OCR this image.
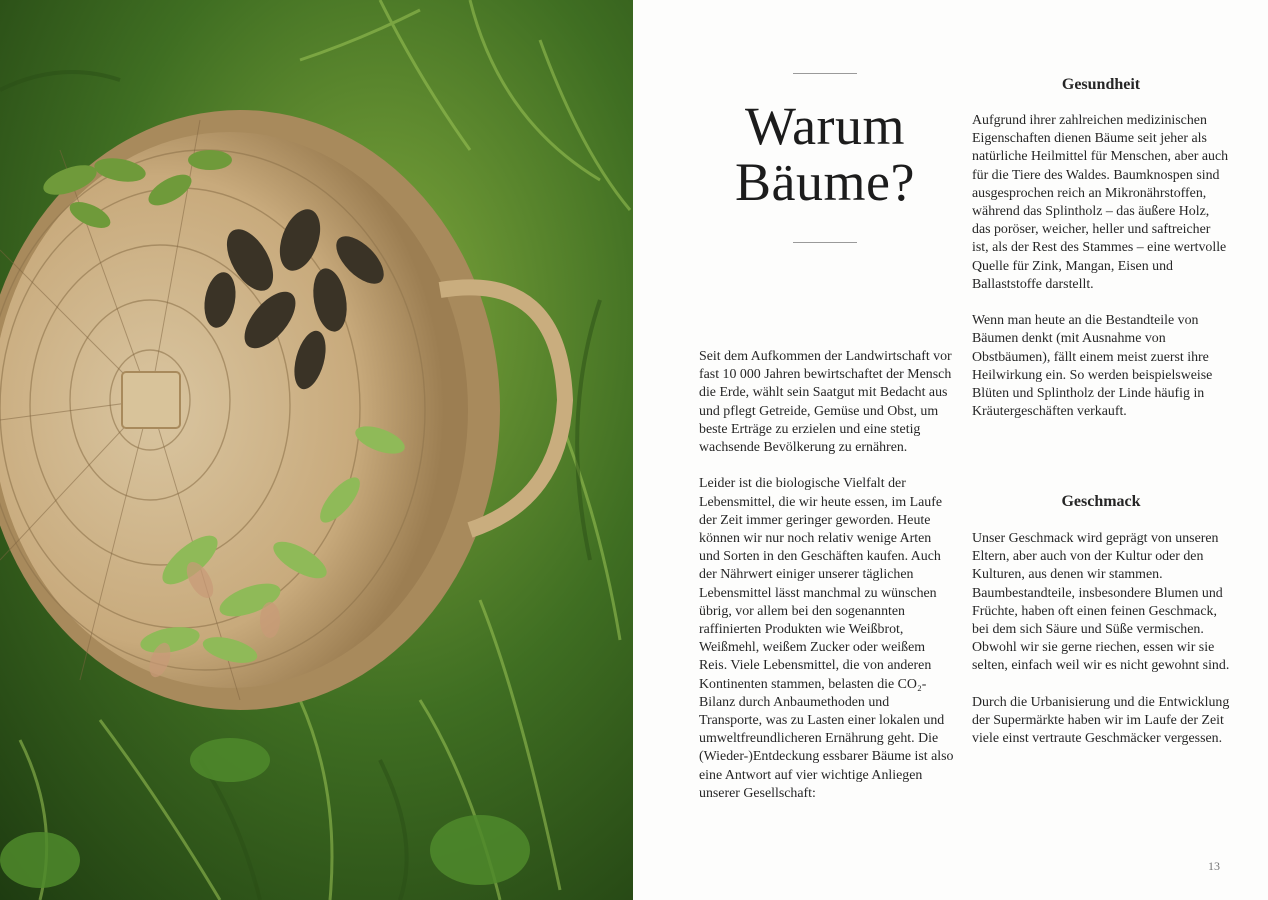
Warum
Bäume?

Seit dem Aufkommen der Landwirtschaft vor fast 10 000 Jahren bewirtschaftet der Mensch die Erde, wählt sein Saatgut mit Bedacht aus und pflegt Getreide, Gemüse und Obst, um beste Erträge zu erzielen und eine stetig wachsende Bevölkerung zu ernähren.

Leider ist die biologische Vielfalt der Lebensmittel, die wir heute essen, im Laufe der Zeit immer geringer geworden. Heute können wir nur noch relativ wenige Arten und Sorten in den Geschäften kaufen. Auch der Nährwert einiger unserer täglichen Lebensmittel lässt manchmal zu wünschen übrig, vor allem bei den sogenannten raffinierten Produkten wie Weißbrot, Weißmehl, weißem Zucker oder weißem Reis. Viele Lebensmittel, die von anderen Kontinenten stammen, belasten die CO₂-Bilanz durch Anbaumethoden und Transporte, was zu Lasten einer lokalen und umweltfreundlicheren Ernährung geht. Die (Wieder-)Entdeckung essbarer Bäume ist also eine Antwort auf vier wichtige Anliegen unserer Gesellschaft:

Gesundheit

Aufgrund ihrer zahlreichen medizinischen Eigenschaften dienen Bäume seit jeher als natürliche Heilmittel für Menschen, aber auch für die Tiere des Waldes. Baumknospen sind ausgesprochen reich an Mikronährstoffen, während das Splintholz – das äußere Holz, das poröser, weicher, heller und saftreicher ist, als der Rest des Stammes – eine wertvolle Quelle für Zink, Mangan, Eisen und Ballaststoffe darstellt.

Wenn man heute an die Bestandteile von Bäumen denkt (mit Ausnahme von Obstbäumen), fällt einem meist zuerst ihre Heilwirkung ein. So werden beispielsweise Blüten und Splintholz der Linde häufig in Kräutergeschäften verkauft.

Geschmack

Unser Geschmack wird geprägt von unseren Eltern, aber auch von der Kultur oder den Kulturen, aus denen wir stammen. Baumbestandteile, insbesondere Blumen und Früchte, haben oft einen feinen Geschmack, bei dem sich Säure und Süße vermischen. Obwohl wir sie gerne riechen, essen wir sie selten, einfach weil wir es nicht gewohnt sind.

Durch die Urbanisierung und die Entwicklung der Supermärkte haben wir im Laufe der Zeit viele einst vertraute Geschmäcker vergessen.

13
